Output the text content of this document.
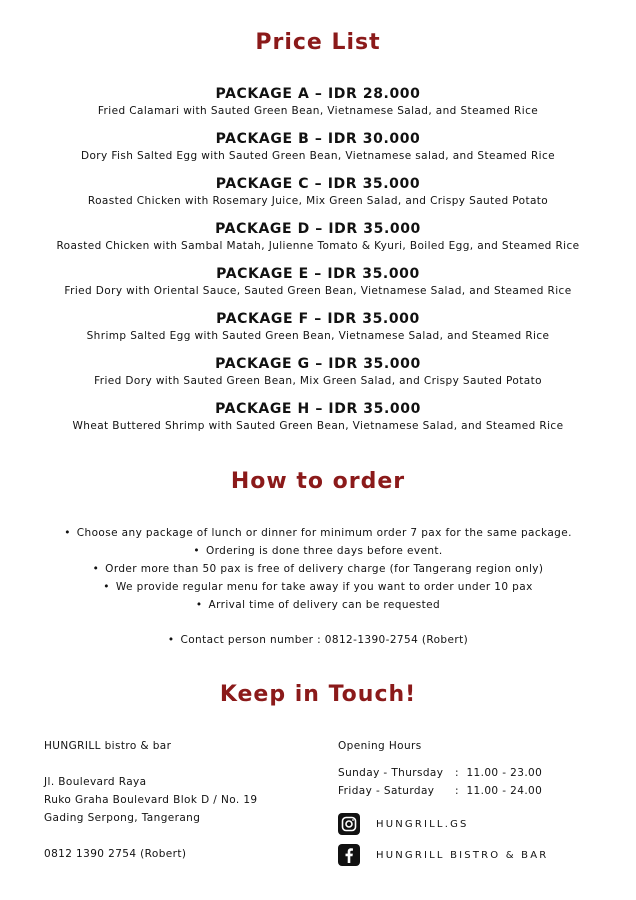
Price List
PACKAGE A – IDR 28.000
Fried Calamari with Sauted Green Bean, Vietnamese Salad, and Steamed Rice
PACKAGE B – IDR 30.000
Dory Fish Salted Egg with Sauted Green Bean, Vietnamese salad, and Steamed Rice
PACKAGE C – IDR 35.000
Roasted Chicken with Rosemary Juice, Mix Green Salad, and Crispy Sauted Potato
PACKAGE D – IDR 35.000
Roasted Chicken with Sambal Matah, Julienne Tomato & Kyuri, Boiled Egg, and Steamed Rice
PACKAGE E – IDR 35.000
Fried Dory with Oriental Sauce, Sauted Green Bean, Vietnamese Salad, and Steamed Rice
PACKAGE F – IDR 35.000
Shrimp Salted Egg with Sauted Green Bean, Vietnamese Salad, and Steamed Rice
PACKAGE G – IDR 35.000
Fried Dory with Sauted Green Bean, Mix Green Salad, and Crispy Sauted Potato
PACKAGE H – IDR 35.000
Wheat Buttered Shrimp with Sauted Green Bean, Vietnamese Salad, and Steamed Rice
How to order
• Choose any package of lunch or dinner for minimum order 7 pax for the same package.
• Ordering is done three days before event.
• Order more than 50 pax is free of delivery charge (for Tangerang region only)
• We provide regular menu for take away if you want to order under 10 pax
• Arrival time of delivery can be requested
• Contact person number : 0812-1390-2754 (Robert)
Keep in Touch!
HUNGRILL bistro & bar
Jl. Boulevard Raya
Ruko Graha Boulevard Blok D / No. 19
Gading Serpong, Tangerang
0812 1390 2754 (Robert)
Opening Hours
Sunday - Thursday : 11.00 - 23.00
Friday - Saturday : 11.00 - 24.00
HUNGRILL.GS
HUNGRILL BISTRO & BAR
